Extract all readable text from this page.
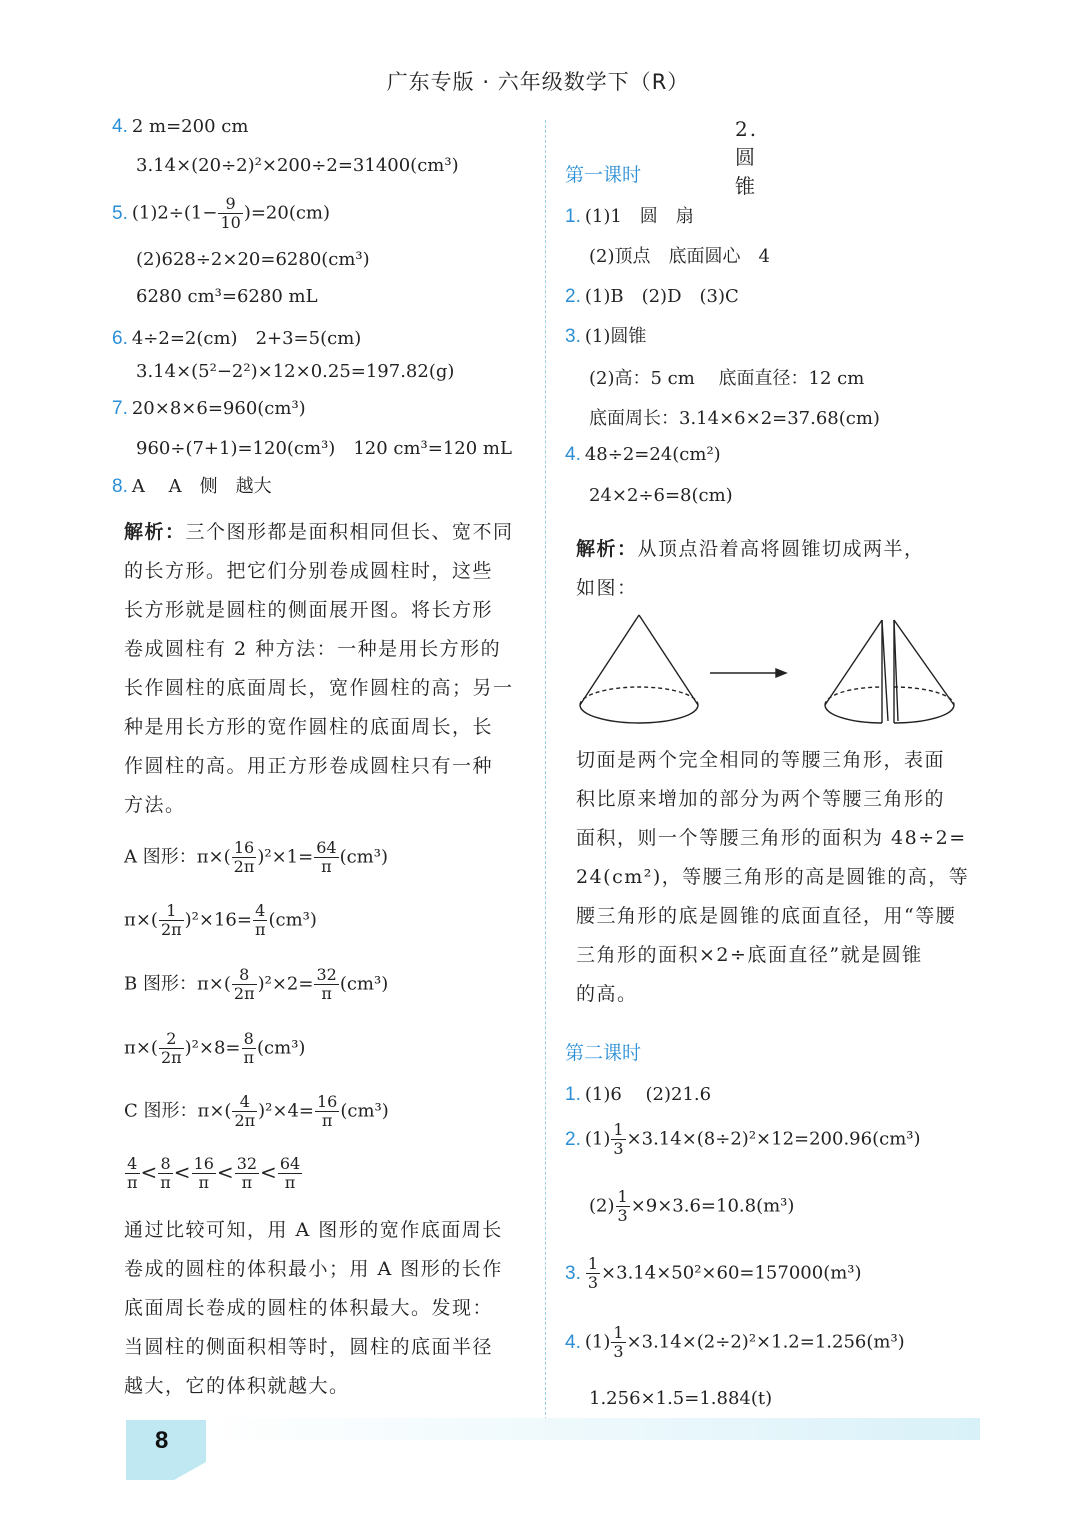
广东专版 · 六年级数学下（R）
4. 2 m=200 cm
3.14×(20÷2)²×200÷2=31400(cm³)
5. $(1)2\div(1- \frac{9}{10} )=20(cm)$
(2)628÷2×20=6280(cm³)
6280 cm³=6280 mL
6. 4÷2=2(cm)　2+3=5(cm)
3.14×(5²−2²)×12×0.25=197.82(g)
7. 20×8×6=960(cm³)
960÷(7+1)=120(cm³)　120 cm³=120 mL
8. A　 A　侧　越大
解析：三个图形都是面积相同但长、宽不同
的长方形。把它们分别卷成圆柱时，这些
长方形就是圆柱的侧面展开图。将长方形
卷成圆柱有 2 种方法：一种是用长方形的
长作圆柱的底面周长，宽作圆柱的高；另一
种是用长方形的宽作圆柱的底面周长，长
作圆柱的高。用正方形卷成圆柱只有一种
方法。
A 图形：$\pi\times( \frac{16}{2\pi} )^2\times 1= \frac{64}{\pi} (cm^3)$
$\pi\times( \frac{1}{2\pi} )^2\times 16= \frac{4}{\pi} (cm^3)$
B 图形：$\pi\times( \frac{8}{2\pi} )^2\times 2= \frac{32}{\pi} (cm^3)$
$\pi\times( \frac{2}{2\pi} )^2\times 8= \frac{8}{\pi} (cm^3)$
C 图形：$\pi\times( \frac{4}{2\pi} )^2\times 4= \frac{16}{\pi} (cm^3)$
$\frac{4}{\pi} < \frac{8}{\pi} < \frac{16}{\pi} < \frac{32}{\pi} < \frac{64}{\pi}$
通过比较可知，用 A 图形的宽作底面周长
卷成的圆柱的体积最小；用 A 图形的长作
底面周长卷成的圆柱的体积最大。发现：
当圆柱的侧面积相等时，圆柱的底面半径
越大，它的体积就越大。
2. 圆锥
第一课时
1. (1)1　圆　扇
(2)顶点　底面圆心　4
2. (1)B　(2)D　(3)C
3. (1)圆锥
(2)高：5 cm　 底面直径：12 cm
底面周长：3.14×6×2=37.68(cm)
4. 48÷2=24(cm²)
24×2÷6=8(cm)
解析：从顶点沿着高将圆锥切成两半，
如图：
切面是两个完全相同的等腰三角形，表面
积比原来增加的部分为两个等腰三角形的
面积，则一个等腰三角形的面积为 48÷2=
24(cm²)，等腰三角形的高是圆锥的高，等
腰三角形的底是圆锥的底面直径，用“等腰
三角形的面积×2÷底面直径”就是圆锥
的高。
第二课时
1. (1)6　 (2)21.6
2. $(1) \frac{1}{3} \times 3.14\times(8\div 2)^2\times 12=200.96(cm^3)$
$(2) \frac{1}{3} \times 9\times 3.6=10.8(m^3)$
3. $\frac{1}{3} \times 3.14\times 50^2\times 60=157000(m^3)$
4. $(1) \frac{1}{3} \times 3.14\times(2\div 2)^2\times 1.2=1.256(m^3)$
1.256×1.5=1.884(t)
8
